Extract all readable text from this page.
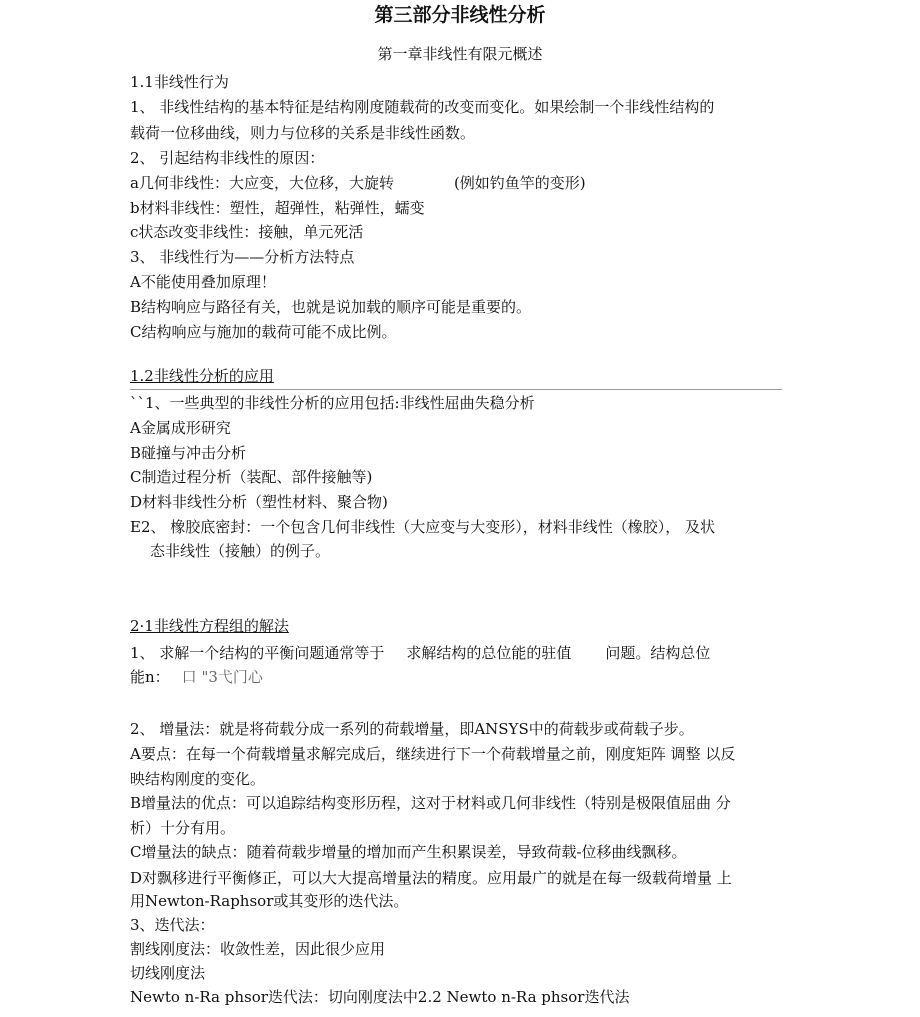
第三部分非线性分析
第一章非线性有限元概述
1.1非线性行为
1、 非线性结构的基本特征是结构刚度随载荷的改变而变化。如果绘制一个非线性结构的
载荷一位移曲线，则力与位移的关系是非线性函数。
2、 引起结构非线性的原因：
a几何非线性：大应变，大位移，大旋转	(例如钓鱼竿的变形)
b材料非线性：塑性，超弹性，粘弹性，蠕变
c状态改变非线性：接触，单元死活
3、 非线性行为——分析方法特点
A不能使用叠加原理！
B结构响应与路径有关，也就是说加载的顺序可能是重要的。
C结构响应与施加的载荷可能不成比例。
1.2非线性分析的应用
``1、一些典型的非线性分析的应用包括:非线性屈曲失稳分析
A金属成形研究
B碰撞与冲击分析
C制造过程分析（装配、部件接触等)
D材料非线性分析（塑性材料、聚合物)
E2、 橡胶底密封：一个包含几何非线性（大应变与大变形），材料非线性（橡胶）， 及状
态非线性（接触）的例子。
2·1非线性方程组的解法
1、 求解一个结构的平衡问题通常等于 求解结构的总位能的驻值 问题。结构总位
能n： 口 "3弋门心
2、 增量法：就是将荷载分成一系列的荷载增量，即ANSYS中的荷载步或荷载子步。
A要点：在每一个荷载增量求解完成后，继续进行下一个荷载增量之前，刚度矩阵 调整 以反
映结构刚度的变化。
B增量法的优点：可以追踪结构变形历程，这对于材料或几何非线性（特别是极限值屈曲 分
析）十分有用。
C增量法的缺点：随着荷载步增量的增加而产生积累误差，导致荷载-位移曲线飘移。
D对飘移进行平衡修正，可以大大提高增量法的精度。应用最广的就是在每一级载荷增量 上
用Newton-Raphsor或其变形的迭代法。
3、迭代法：
割线刚度法：收敛性差，因此很少应用
切线刚度法
Newto n-Ra phsor迭代法：切向刚度法中2.2 Newto n-Ra phsor迭代法
